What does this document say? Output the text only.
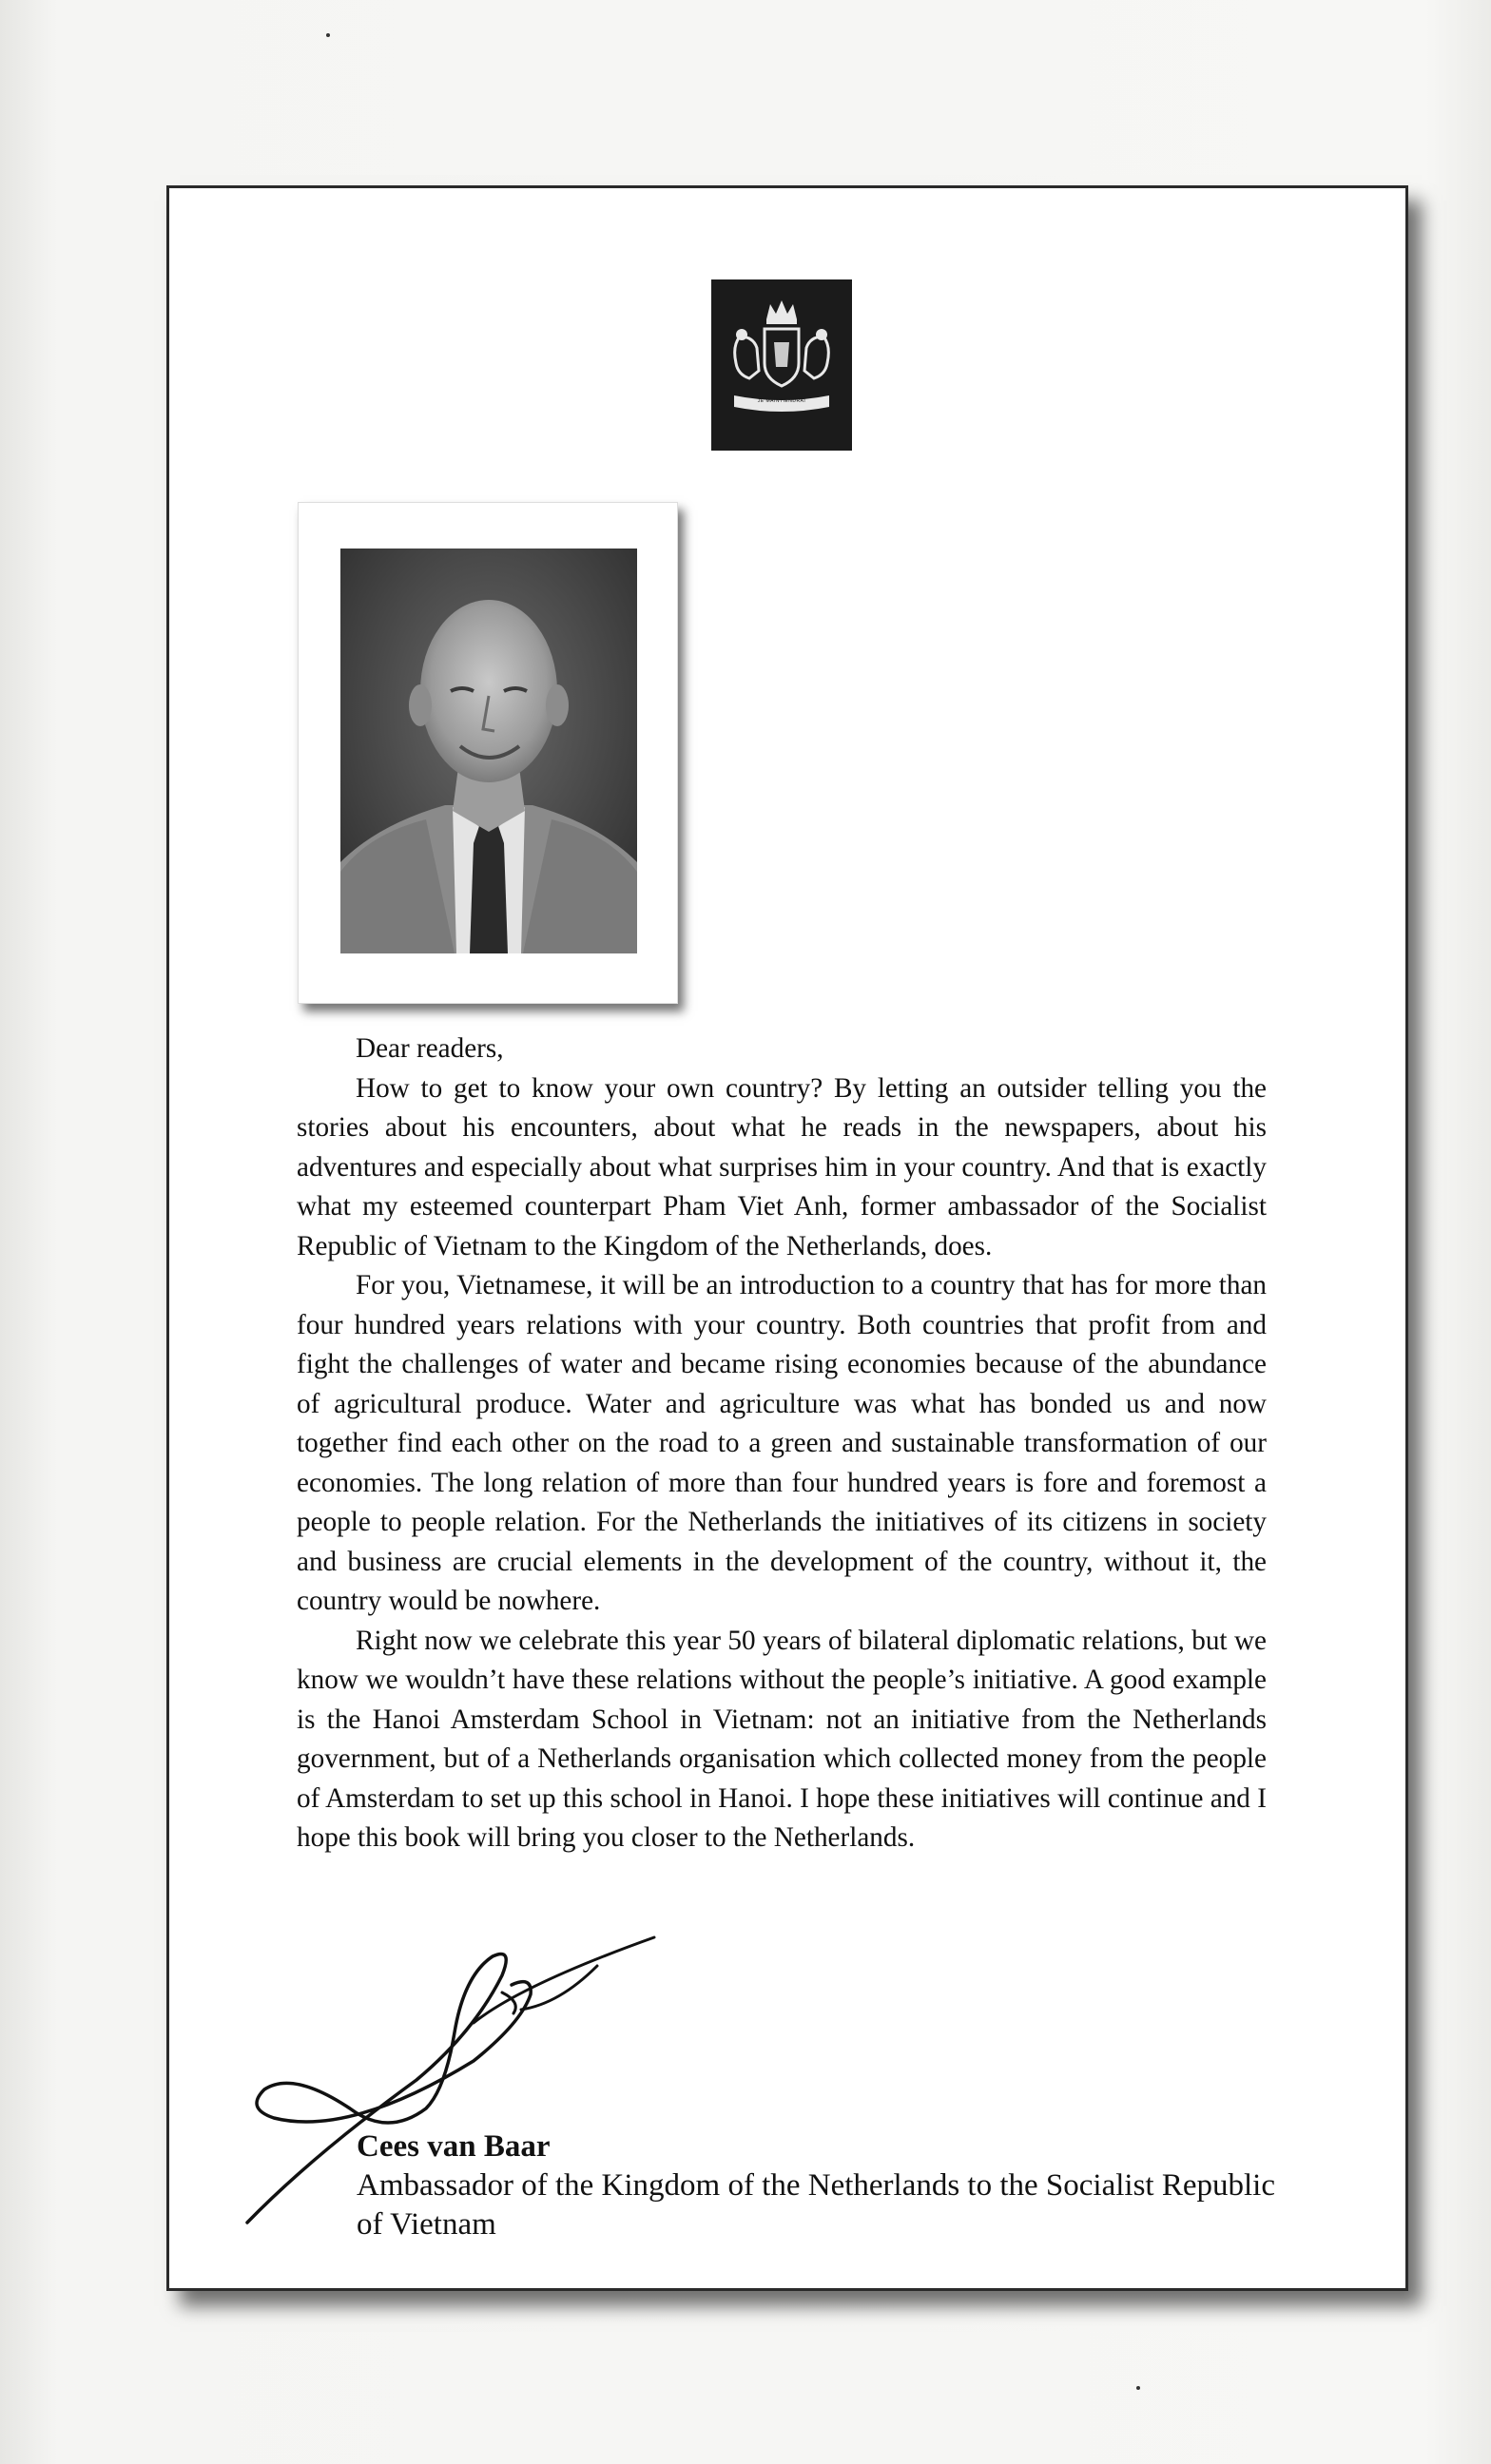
JE MAINTIENDRAI

Dear readers,

How to get to know your own country? By letting an outsider telling you the stories about his encounters, about what he reads in the newspapers, about his adventures and especially about what surprises him in your country. And that is exactly what my esteemed counterpart Pham Viet Anh, former ambassador of the Socialist Republic of Vietnam to the Kingdom of the Netherlands, does.

For you, Vietnamese, it will be an introduction to a country that has for more than four hundred years relations with your country. Both countries that profit from and fight the challenges of water and became rising economies because of the abundance of agricultural produce. Water and agriculture was what has bonded us and now together find each other on the road to a green and sustainable transformation of our economies. The long relation of more than four hundred years is fore and foremost a people to people relation. For the Netherlands the initiatives of its citizens in society and business are crucial elements in the development of the country, without it, the country would be nowhere.

Right now we celebrate this year 50 years of bilateral diplomatic relations, but we know we wouldn’t have these relations without the people’s initiative. A good example is the Hanoi Amsterdam School in Vietnam: not an initiative from the Netherlands government, but of a Netherlands organisation which collected money from the people of Amsterdam to set up this school in Hanoi. I hope these initiatives will continue and I hope this book will bring you closer to the Netherlands.

Cees van Baar
Ambassador of the Kingdom of the Netherlands to the Socialist Republic of Vietnam
